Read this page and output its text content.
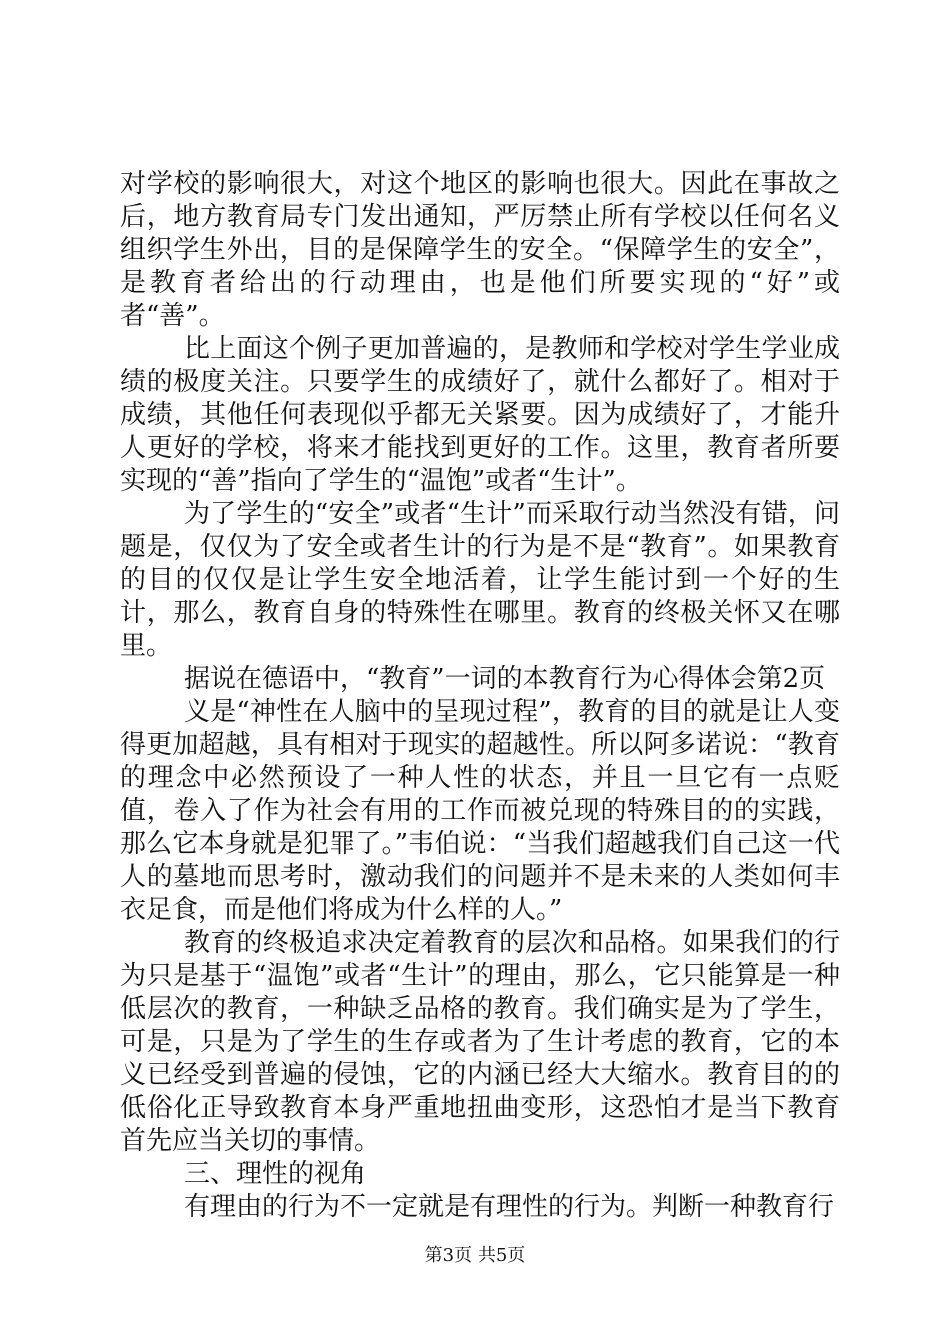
对学校的影响很大，对这个地区的影响也很大。因此在事故之后，地方教育局专门发出通知，严厉禁止所有学校以任何名义组织学生外出，目的是保障学生的安全。“保障学生的安全”，是教育者给出的行动理由，也是他们所要实现的“好”或者“善”。

比上面这个例子更加普遍的，是教师和学校对学生学业成绩的极度关注。只要学生的成绩好了，就什么都好了。相对于成绩，其他任何表现似乎都无关紧要。因为成绩好了，才能升人更好的学校，将来才能找到更好的工作。这里，教育者所要实现的“善”指向了学生的“温饱”或者“生计”。

为了学生的“安全”或者“生计”而采取行动当然没有错，问题是，仅仅为了安全或者生计的行为是不是“教育”。如果教育的目的仅仅是让学生安全地活着，让学生能讨到一个好的生计，那么，教育自身的特殊性在哪里。教育的终极关怀又在哪里。

据说在德语中，“教育”一词的本教育行为心得体会第2页

义是“神性在人脑中的呈现过程”，教育的目的就是让人变得更加超越，具有相对于现实的超越性。所以阿多诺说：“教育的理念中必然预设了一种人性的状态，并且一旦它有一点贬值，卷入了作为社会有用的工作而被兑现的特殊目的的实践，那么它本身就是犯罪了。”韦伯说：“当我们超越我们自己这一代人的墓地而思考时，激动我们的问题并不是未来的人类如何丰衣足食，而是他们将成为什么样的人。”

教育的终极追求决定着教育的层次和品格。如果我们的行为只是基于“温饱”或者“生计”的理由，那么，它只能算是一种低层次的教育，一种缺乏品格的教育。我们确实是为了学生，可是，只是为了学生的生存或者为了生计考虑的教育，它的本义已经受到普遍的侵蚀，它的内涵已经大大缩水。教育目的的低俗化正导致教育本身严重地扭曲变形，这恐怕才是当下教育首先应当关切的事情。

三、理性的视角

有理由的行为不一定就是有理性的行为。判断一种教育行

第3页 共5页
